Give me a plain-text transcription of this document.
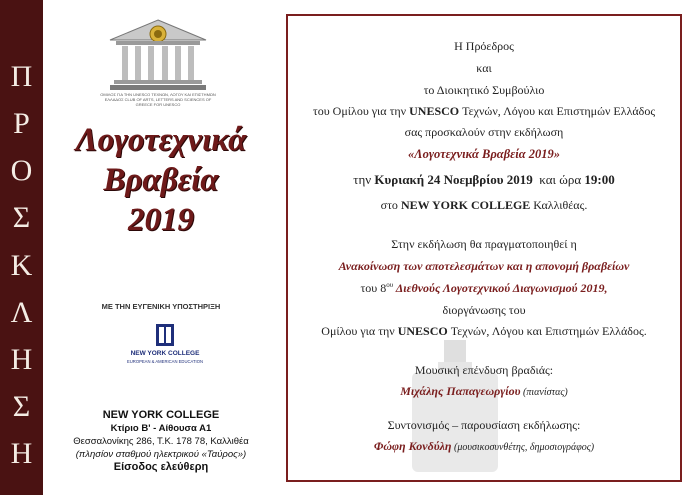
Π
Ρ
Ο
Σ
Κ
Λ
Η
Σ
Η
ΟΜΙΛΟΣ ΓΙΑ ΤΗΝ UNESCO ΤΕΧΝΩΝ, ΛΟΓΟΥ ΚΑΙ ΕΠΙΣΤΗΜΩΝ ΕΛΛΑΔΟΣ CLUB OF ARTS, LETTERS AND SCIENCES OF GREECE FOR UNESCO
Λογοτεχνικά
Βραβεία
2019
ΜΕ ΤΗΝ ΕΥΓΕΝΙΚΗ ΥΠΟΣΤΗΡΙΞΗ
NEW YORK COLLEGE
EUROPEAN & AMERICAN EDUCATION
NEW YORK COLLEGE
Κτίριο Β' - Αίθουσα Α1
Θεσσαλονίκης 286, Τ.Κ. 178 78, Καλλιθέα
(πλησίον σταθμού ηλεκτρικού «Ταύρος»)
Είσοδος ελεύθερη
Η Πρόεδρος
και
το Διοικητικό Συμβούλιο
του Ομίλου για την UNESCO Τεχνών, Λόγου και Επιστημών Ελλάδος
σας προσκαλούν στην εκδήλωση
«Λογοτεχνικά Βραβεία 2019»
την Κυριακή 24 Νοεμβρίου 2019  και ώρα 19:00
στο NEW YORK COLLEGE Καλλιθέας.
Στην εκδήλωση θα πραγματοποιηθεί η
Ανακοίνωση των αποτελεσμάτων και η απονομή βραβείων
του $8^{o\upsilon}$ Διεθνούς Λογοτεχνικού Διαγωνισμού 2019,
διοργάνωσης του
Ομίλου για την UNESCO Τεχνών, Λόγου και Επιστημών Ελλάδος.
Μουσική επένδυση βραδιάς:
Μιχάλης Παπαγεωργίου (πιανίστας)
Συντονισμός – παρουσίαση εκδήλωσης:
Φώφη Κονδύλη (μουσικοσυνθέτης, δημοσιογράφος)
